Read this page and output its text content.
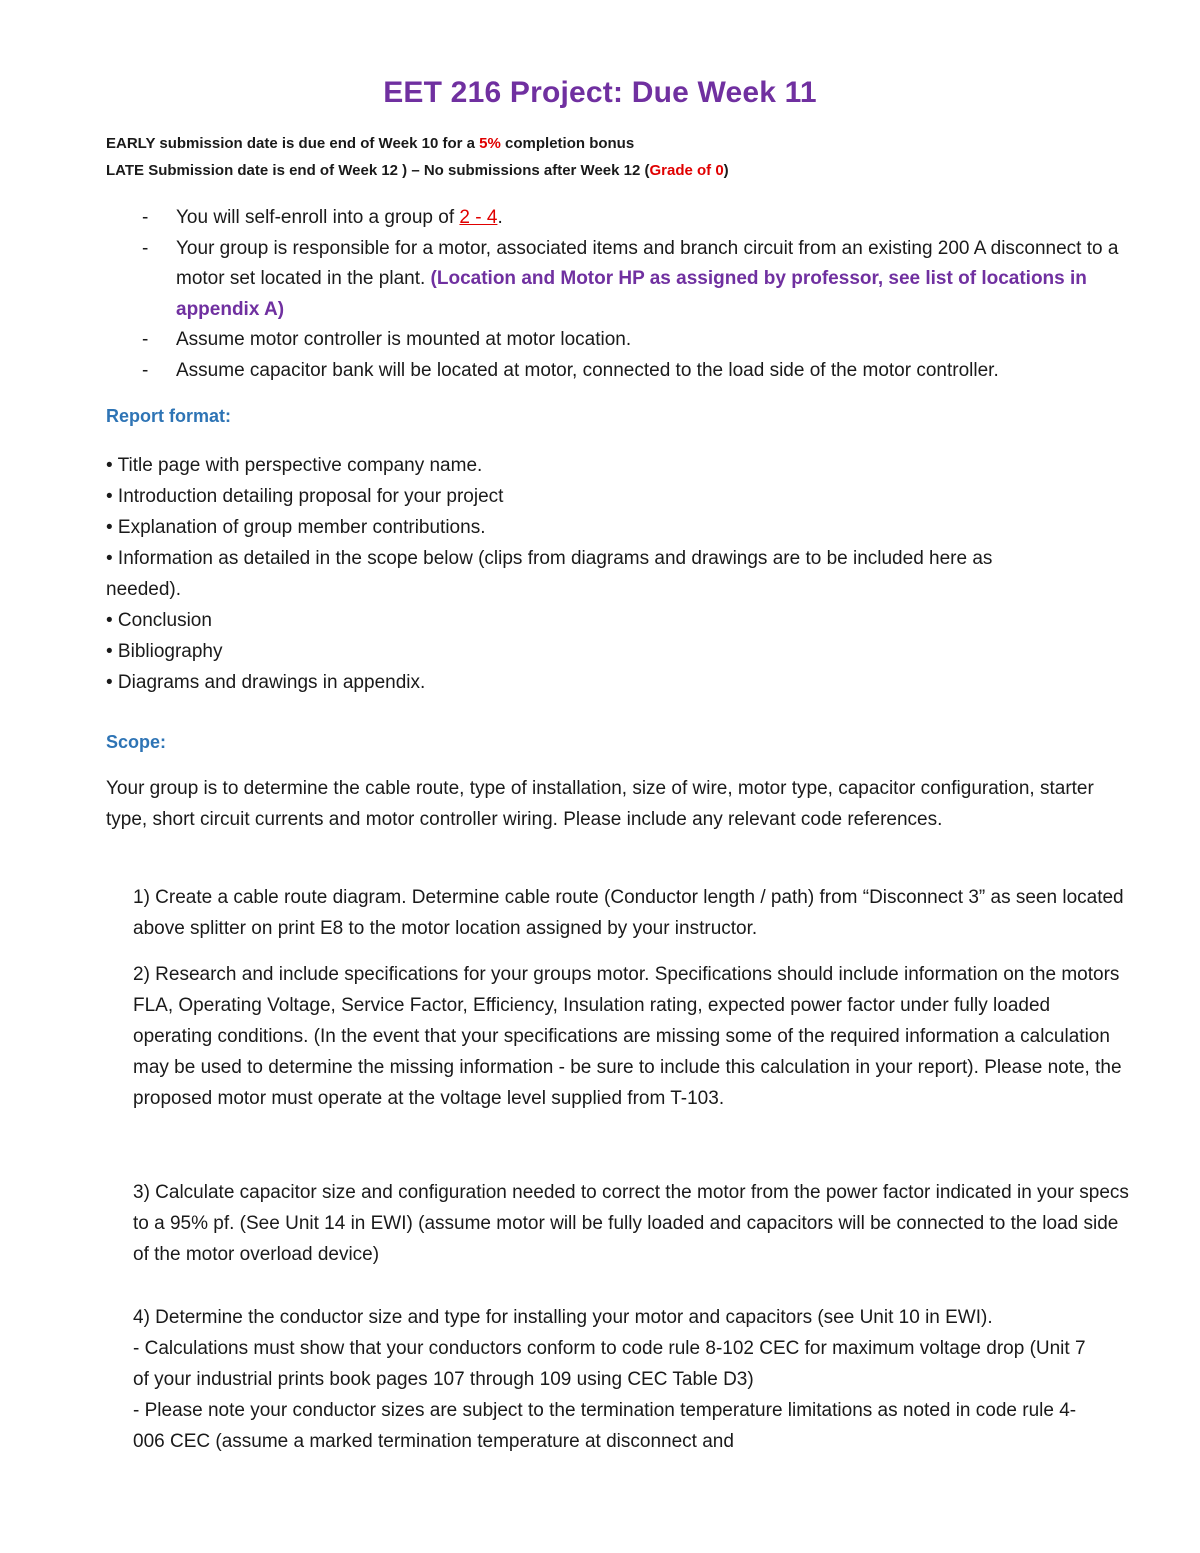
EET 216 Project: Due Week 11
EARLY submission date is due end of Week 10 for a 5% completion bonus
LATE Submission date is end of Week 12 ) – No submissions after Week 12 (Grade of 0)
- You will self-enroll into a group of 2 - 4.
- Your group is responsible for a motor, associated items and branch circuit from an existing 200 A disconnect to a motor set located in the plant. (Location and Motor HP as assigned by professor, see list of locations in appendix A)
- Assume motor controller is mounted at motor location.
- Assume capacitor bank will be located at motor, connected to the load side of the motor controller.
Report format:
• Title page with perspective company name.
• Introduction detailing proposal for your project
• Explanation of group member contributions.
• Information as detailed in the scope below (clips from diagrams and drawings are to be included here as needed).
• Conclusion
• Bibliography
• Diagrams and drawings in appendix.
Scope:

Your group is to determine the cable route, type of installation, size of wire, motor type, capacitor configuration, starter type, short circuit currents and motor controller wiring. Please include any relevant code references.

1) Create a cable route diagram. Determine cable route (Conductor length / path) from “Disconnect 3” as seen located above splitter on print E8 to the motor location assigned by your instructor.

2) Research and include specifications for your groups motor. Specifications should include information on the motors FLA, Operating Voltage, Service Factor, Efficiency, Insulation rating, expected power factor under fully loaded operating conditions. (In the event that your specifications are missing some of the required information a calculation may be used to determine the missing information - be sure to include this calculation in your report). Please note, the proposed motor must operate at the voltage level supplied from T-103.

3) Calculate capacitor size and configuration needed to correct the motor from the power factor indicated in your specs to a 95% pf. (See Unit 14 in EWI) (assume motor will be fully loaded and capacitors will be connected to the load side of the motor overload device)

4) Determine the conductor size and type for installing your motor and capacitors (see Unit 10 in EWI).

- Calculations must show that your conductors conform to code rule 8-102 CEC for maximum voltage drop (Unit 7 of your industrial prints book pages 107 through 109 using CEC Table D3)

- Please note your conductor sizes are subject to the termination temperature limitations as noted in code rule 4-006 CEC (assume a marked termination temperature at disconnect and
